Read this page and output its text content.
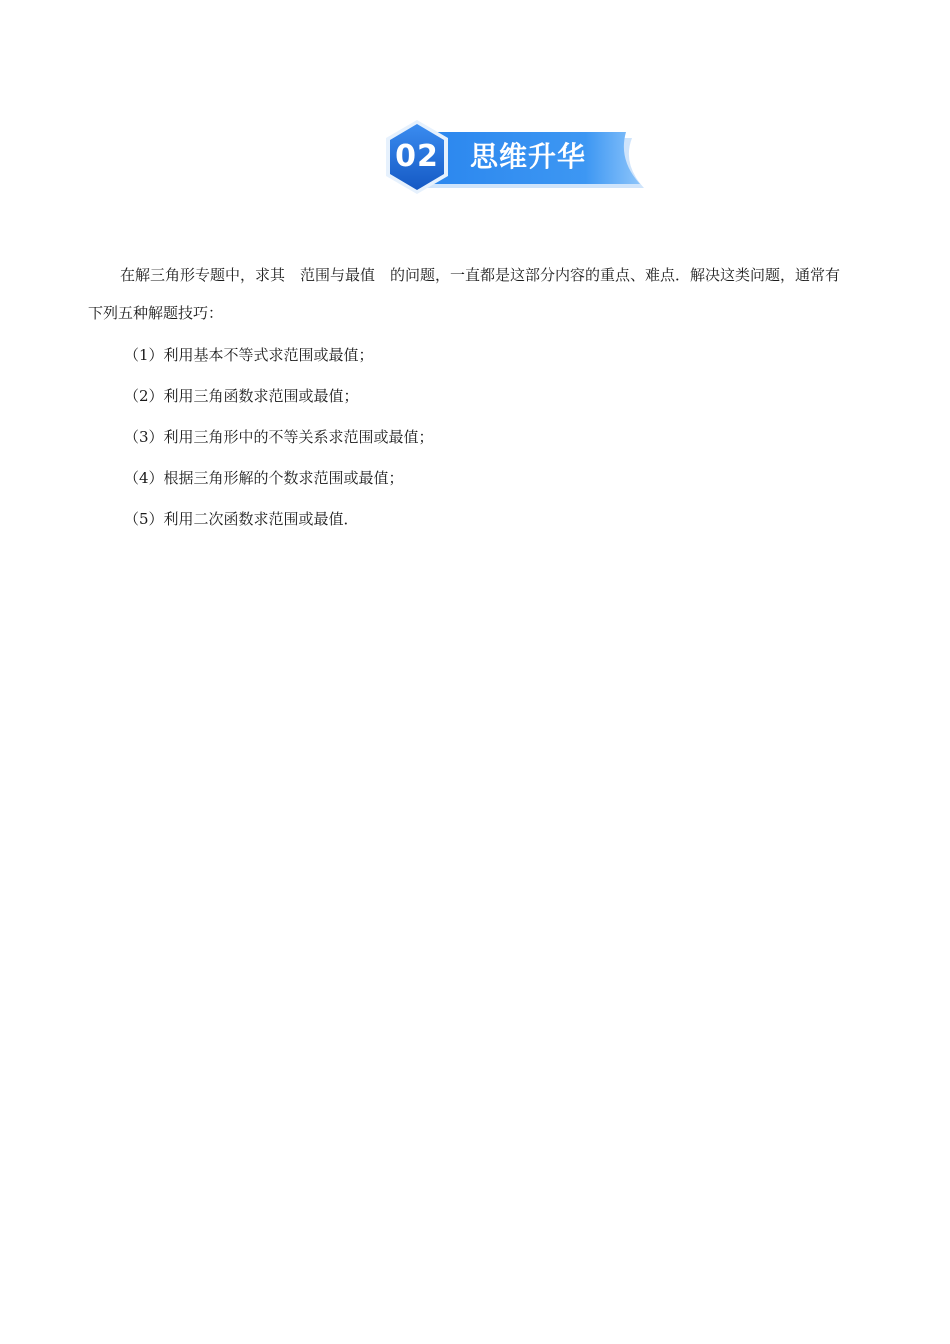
02	思维升华

在解三角形专题中，求其 范围与最值 的问题，一直都是这部分内容的重点、难点．解决这类问题，通常有下列五种解题技巧：

（1）利用基本不等式求范围或最值；
（2）利用三角函数求范围或最值；
（3）利用三角形中的不等关系求范围或最值；
（4）根据三角形解的个数求范围或最值；
（5）利用二次函数求范围或最值．
